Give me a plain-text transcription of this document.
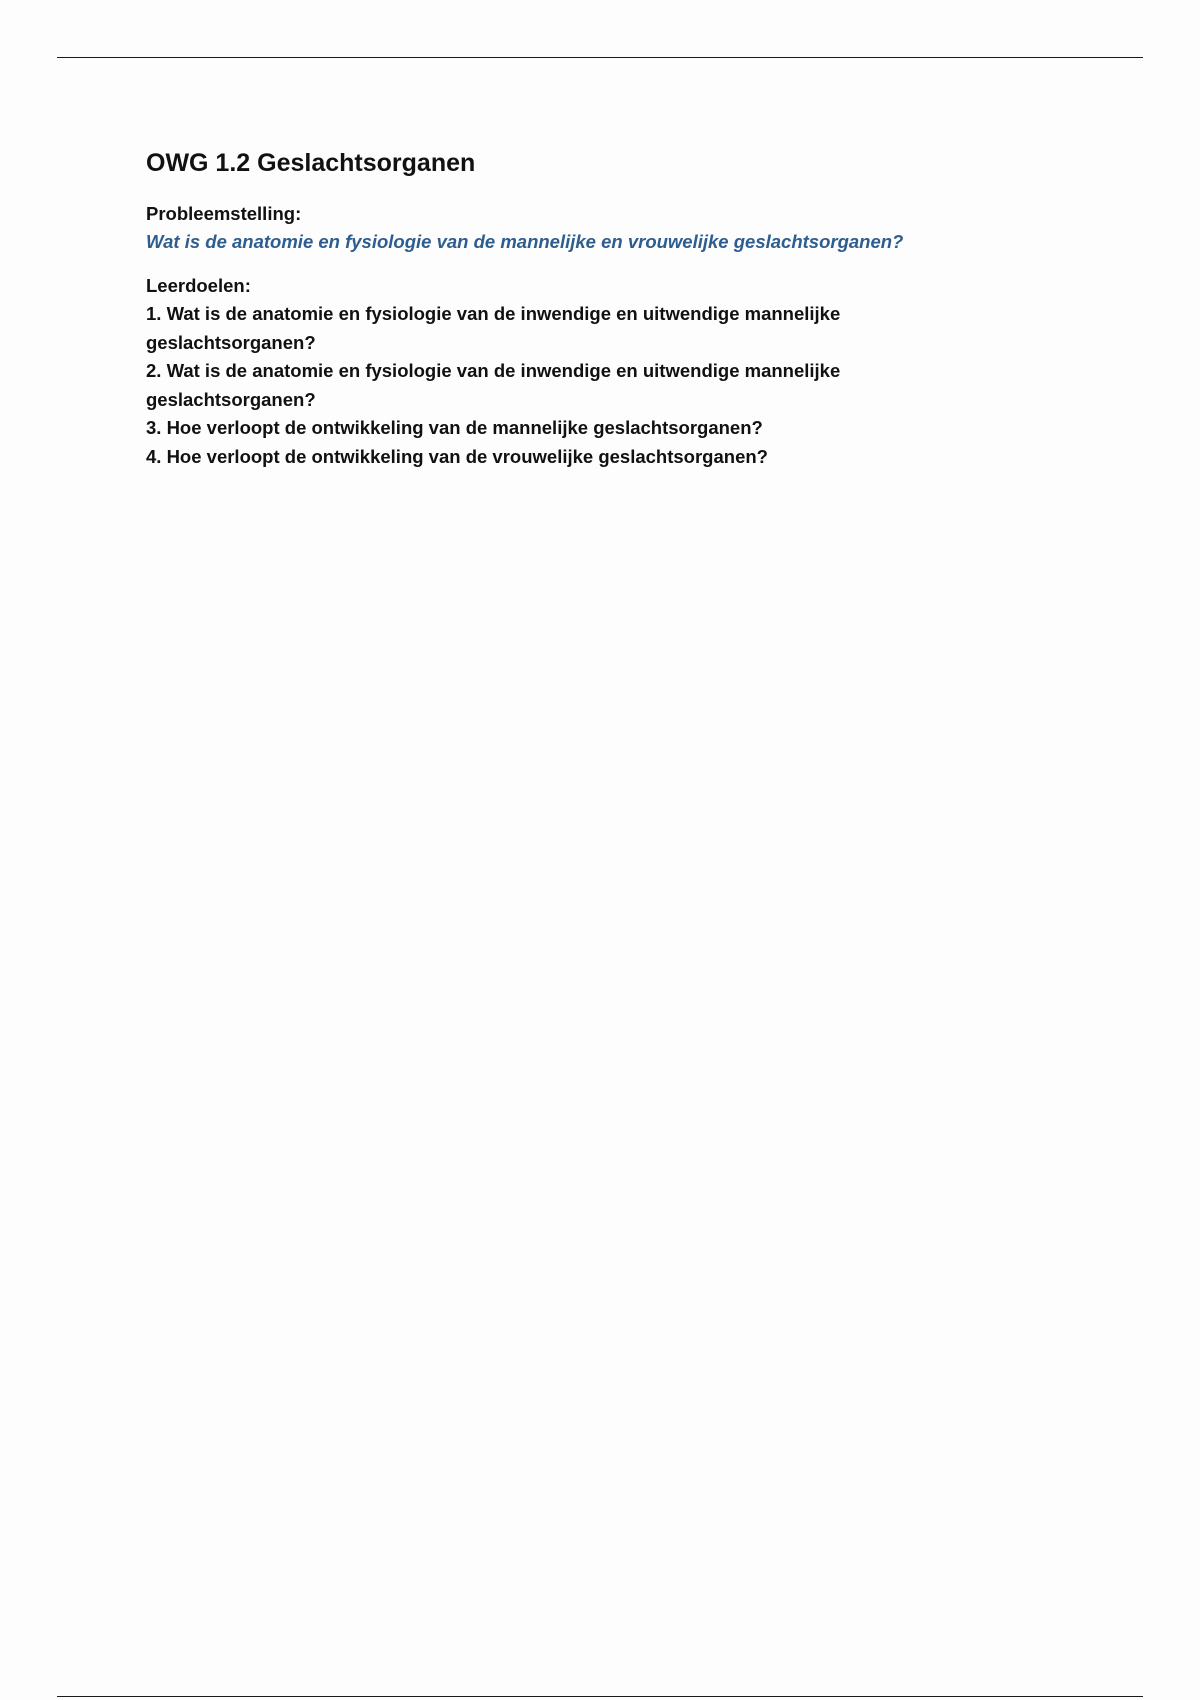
OWG 1.2 Geslachtsorganen

Probleemstelling:

Wat is de anatomie en fysiologie van de mannelijke en vrouwelijke geslachtsorganen?

Leerdoelen:

1. Wat is de anatomie en fysiologie van de inwendige en uitwendige mannelijke geslachtsorganen?
2. Wat is de anatomie en fysiologie van de inwendige en uitwendige mannelijke geslachtsorganen?
3. Hoe verloopt de ontwikkeling van de mannelijke geslachtsorganen?
4. Hoe verloopt de ontwikkeling van de vrouwelijke geslachtsorganen?
